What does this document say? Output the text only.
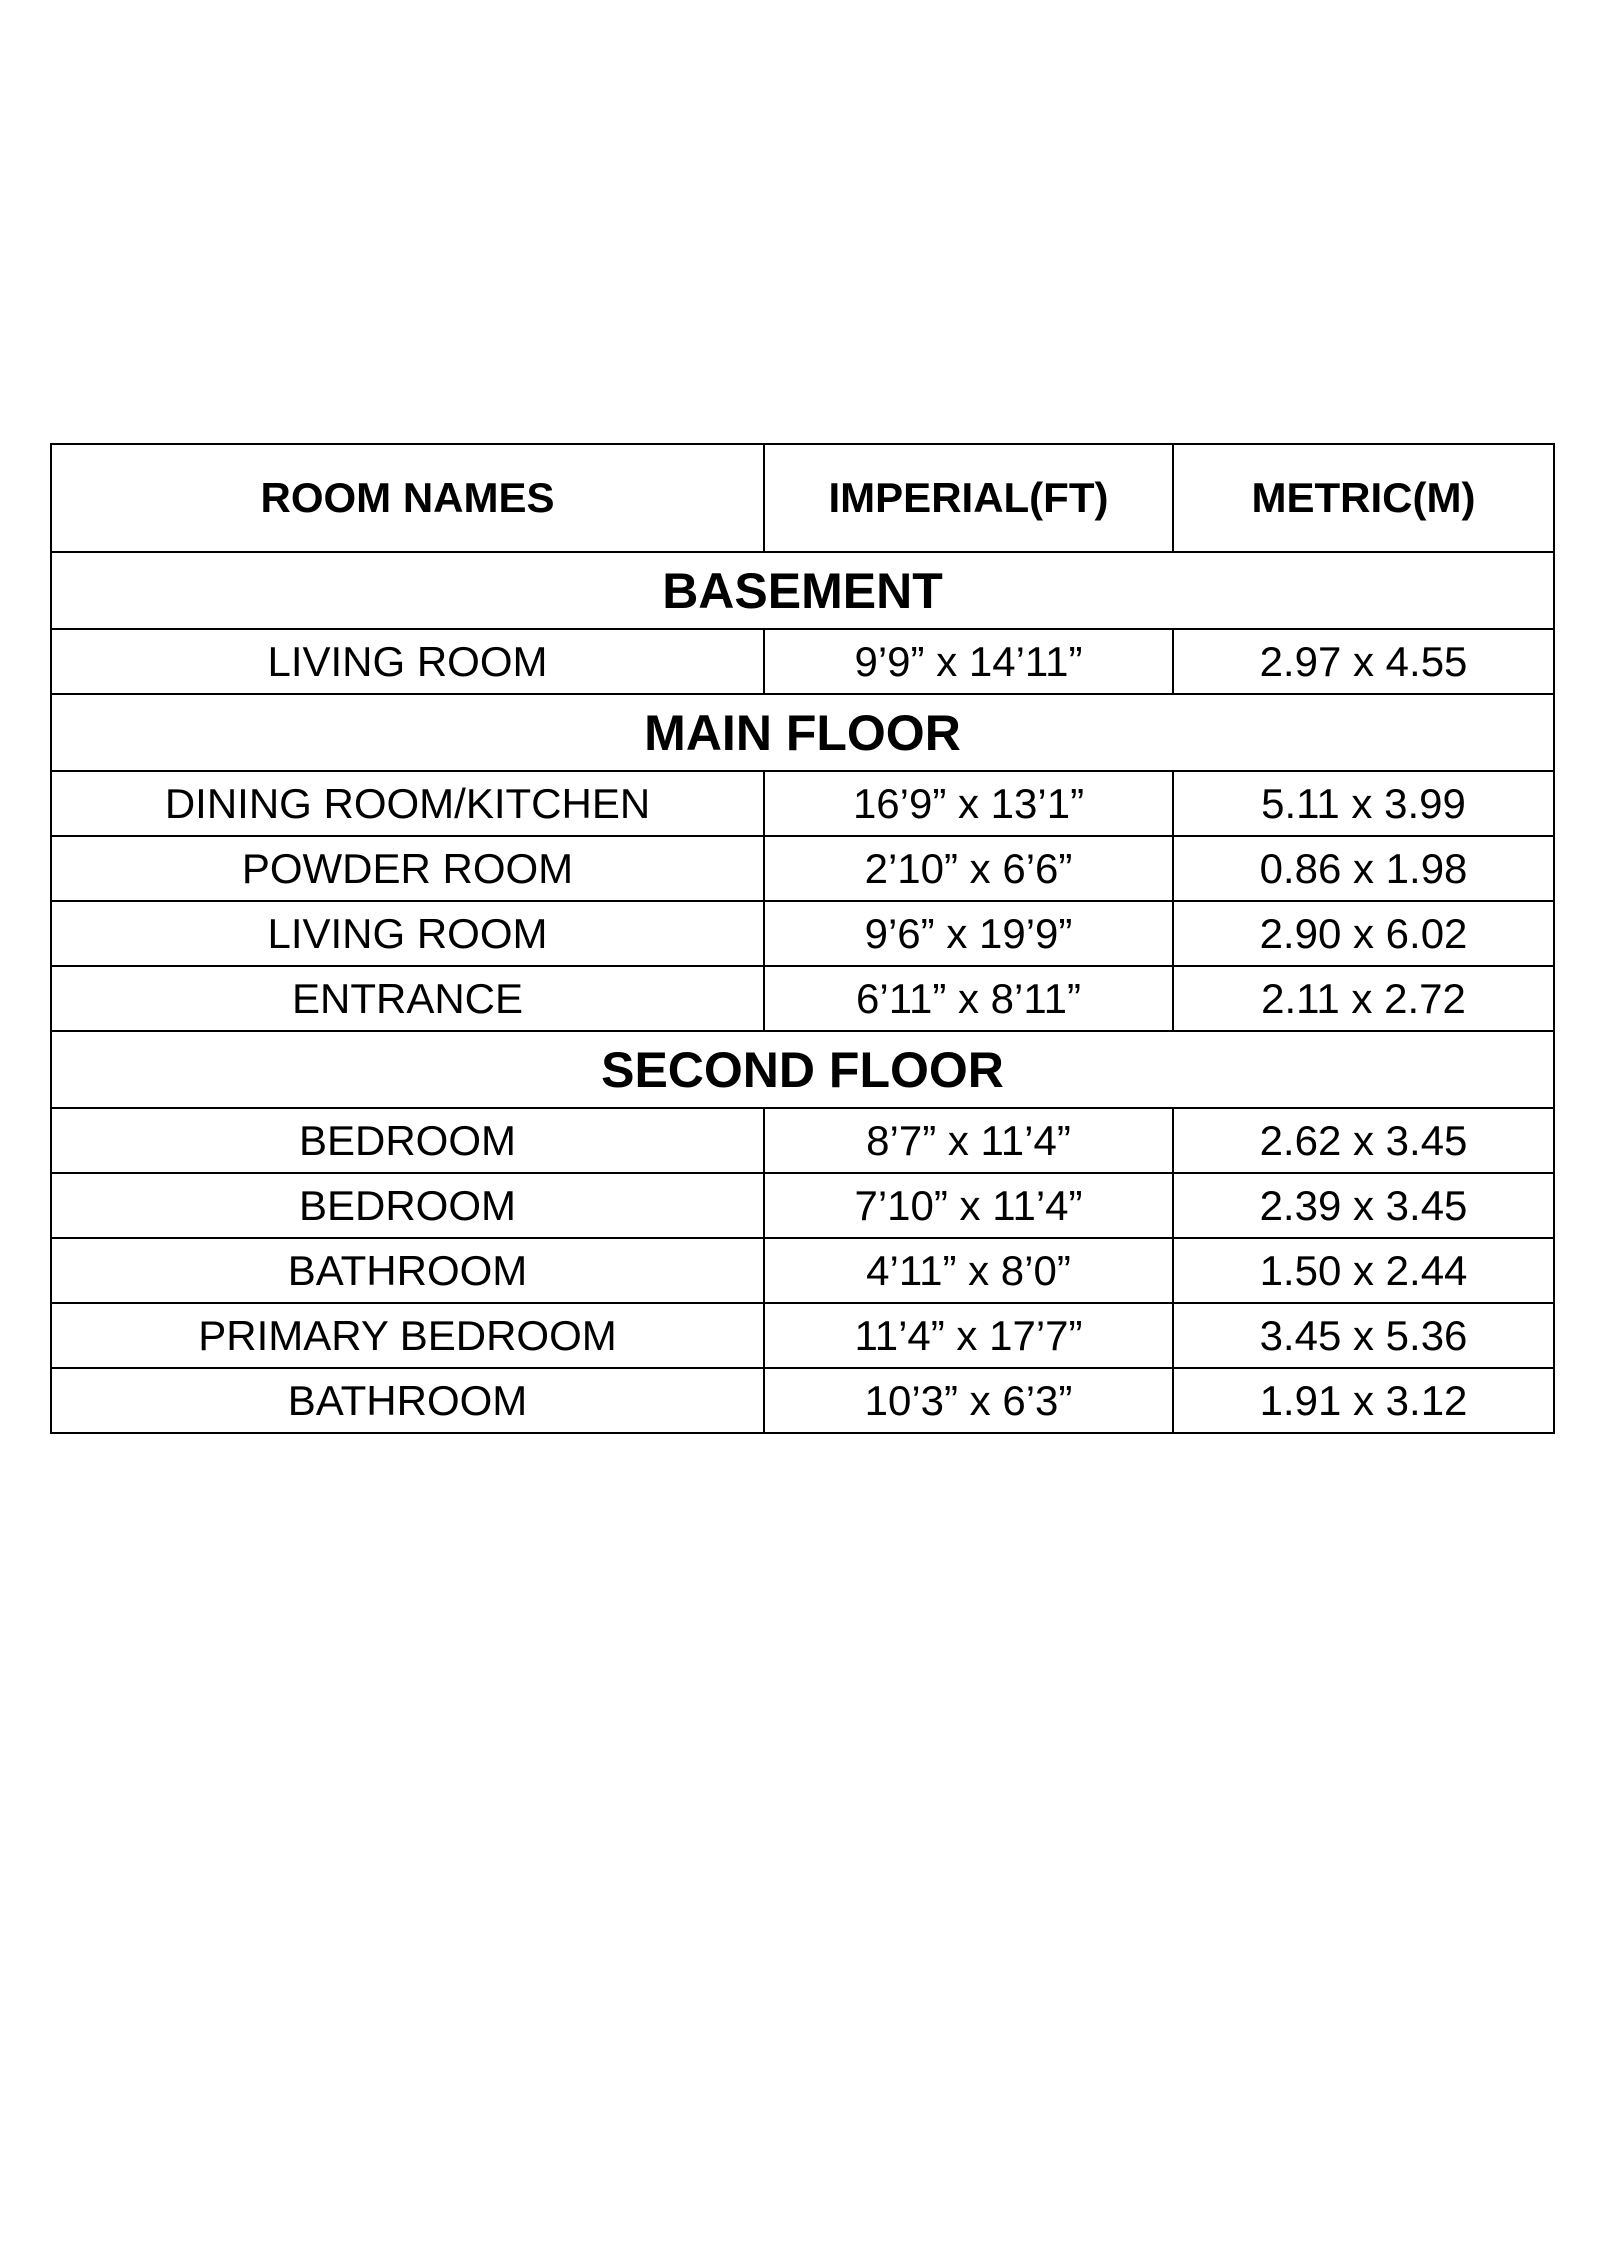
ROOM NAMES	IMPERIAL(FT)	METRIC(M)
BASEMENT		
LIVING ROOM	9’9” x 14’11”	2.97 x 4.55
MAIN FLOOR		
DINING ROOM/KITCHEN	16’9” x 13’1”	5.11 x 3.99
POWDER ROOM	2’10” x 6’6”	0.86 x 1.98
LIVING ROOM	9’6” x 19’9”	2.90 x 6.02
ENTRANCE	6’11” x 8’11”	2.11 x 2.72
SECOND FLOOR		
BEDROOM	8’7” x 11’4”	2.62 x 3.45
BEDROOM	7’10” x 11’4”	2.39 x 3.45
BATHROOM	4’11” x 8’0”	1.50 x 2.44
PRIMARY BEDROOM	11’4” x 17’7”	3.45 x 5.36
BATHROOM	10’3” x 6’3”	1.91 x 3.12
